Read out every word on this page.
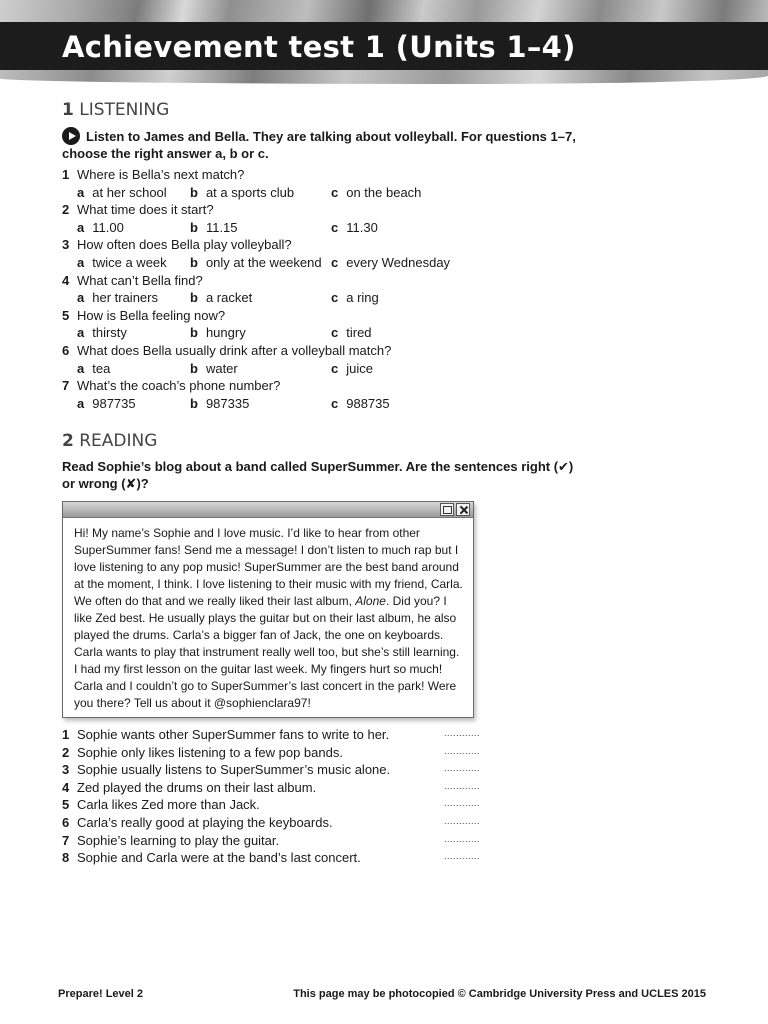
Achievement test 1 (Units 1–4)
1 LISTENING
Listen to James and Bella. They are talking about volleyball. For questions 1–7, choose the right answer a, b or c.
1 Where is Bella’s next match?
a at her school b at a sports club	c on the beach
2 What time does it start?
a 11.00	b 11.15	c 11.30
3 How often does Bella play volleyball?
a twice a week b only at the weekend c every Wednesday
4 What can’t Bella find?
a her trainers b a racket	c a ring
5 How is Bella feeling now?
a thirsty	b hungry	c tired
6 What does Bella usually drink after a volleyball match?
a tea	b water	c juice
7 What’s the coach’s phone number?
a 987735	b 987335	c 988735
2 READING
Read Sophie’s blog about a band called SuperSummer. Are the sentences right (✔)
or wrong (✘)?
Hi! My name’s Sophie and I love music. I’d like to hear from other SuperSummer fans! Send me a message! I don’t listen to much rap but I love listening to any pop music! SuperSummer are the best band around at the moment, I think. I love listening to their music with my friend, Carla. We often do that and we really liked their last album, Alone. Did you? I like Zed best. He usually plays the guitar but on their last album, he also played the drums. Carla’s a bigger fan of Jack, the one on keyboards. Carla wants to play that instrument really well too, but she’s still learning. I had my first lesson on the guitar last week. My fingers hurt so much! Carla and I couldn’t go to SuperSummer’s last concert in the park! Were you there? Tell us about it @sophienclara97!
1 Sophie wants other SuperSummer fans to write to her.	............
2 Sophie only likes listening to a few pop bands.	............
3 Sophie usually listens to SuperSummer’s music alone.	............
4 Zed played the drums on their last album.	............
5 Carla likes Zed more than Jack.	............
6 Carla’s really good at playing the keyboards.	............
7 Sophie’s learning to play the guitar.	............
8 Sophie and Carla were at the band’s last concert.	............
Prepare! Level 2	This page may be photocopied © Cambridge University Press and UCLES 2015
